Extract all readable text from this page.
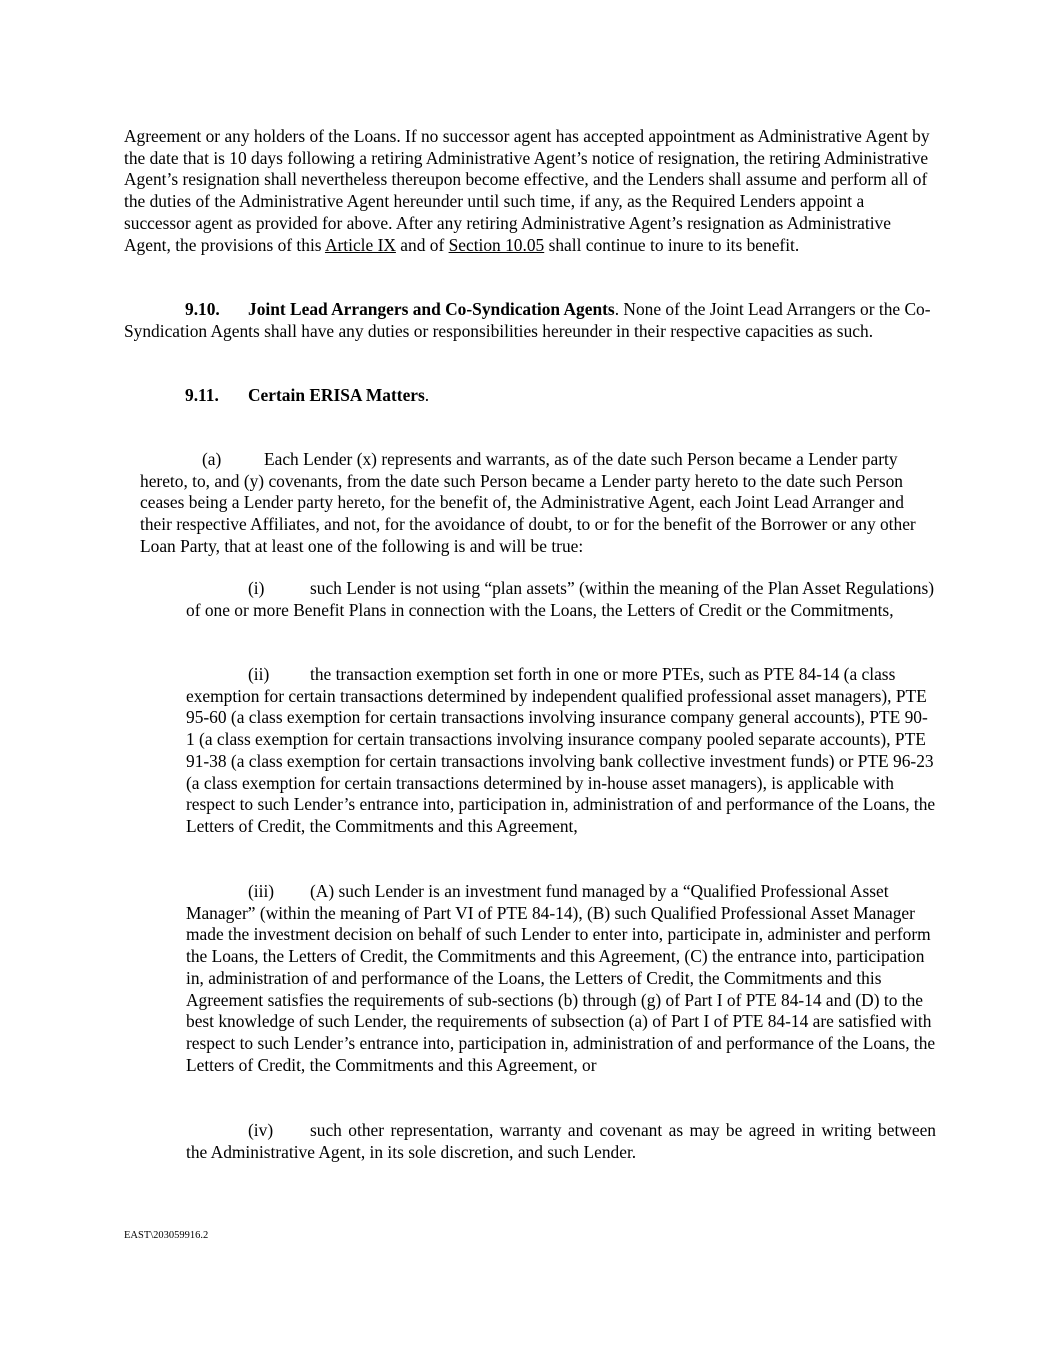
Agreement or any holders of the Loans. If no successor agent has accepted appointment as Administrative Agent by the date that is 10 days following a retiring Administrative Agent’s notice of resignation, the retiring Administrative Agent’s resignation shall nevertheless thereupon become effective, and the Lenders shall assume and perform all of the duties of the Administrative Agent hereunder until such time, if any, as the Required Lenders appoint a successor agent as provided for above. After any retiring Administrative Agent’s resignation as Administrative Agent, the provisions of this Article IX and of Section 10.05 shall continue to inure to its benefit.

9.10. Joint Lead Arrangers and Co-Syndication Agents. None of the Joint Lead Arrangers or the Co-Syndication Agents shall have any duties or responsibilities hereunder in their respective capacities as such.

9.11. Certain ERISA Matters.

(a) Each Lender (x) represents and warrants, as of the date such Person became a Lender party hereto, to, and (y) covenants, from the date such Person became a Lender party hereto to the date such Person ceases being a Lender party hereto, for the benefit of, the Administrative Agent, each Joint Lead Arranger and their respective Affiliates, and not, for the avoidance of doubt, to or for the benefit of the Borrower or any other Loan Party, that at least one of the following is and will be true:

(i)	such Lender is not using “plan assets” (within the meaning of the Plan Asset Regulations) of one or more Benefit Plans in connection with the Loans, the Letters of Credit or the Commitments,

(ii) the transaction exemption set forth in one or more PTEs, such as PTE 84-14 (a class exemption for certain transactions determined by independent qualified professional asset managers), PTE 95-60 (a class exemption for certain transactions involving insurance company general accounts), PTE 90-1 (a class exemption for certain transactions involving insurance company pooled separate accounts), PTE 91-38 (a class exemption for certain transactions involving bank collective investment funds) or PTE 96-23 (a class exemption for certain transactions determined by in-house asset managers), is applicable with respect to such Lender’s entrance into, participation in, administration of and performance of the Loans, the Letters of Credit, the Commitments and this Agreement,

(iii) (A) such Lender is an investment fund managed by a “Qualified Professional Asset Manager” (within the meaning of Part VI of PTE 84-14), (B) such Qualified Professional Asset Manager made the investment decision on behalf of such Lender to enter into, participate in, administer and perform the Loans, the Letters of Credit, the Commitments and this Agreement, (C) the entrance into, participation in, administration of and performance of the Loans, the Letters of Credit, the Commitments and this Agreement satisfies the requirements of sub-sections (b) through (g) of Part I of PTE 84-14 and (D) to the best knowledge of such Lender, the requirements of subsection (a) of Part I of PTE 84-14 are satisfied with respect to such Lender’s entrance into, participation in, administration of and performance of the Loans, the Letters of Credit, the Commitments and this Agreement, or

(iv) such other representation, warranty and covenant as may be agreed in writing between the Administrative Agent, in its sole discretion, and such Lender.

EAST\203059916.2
